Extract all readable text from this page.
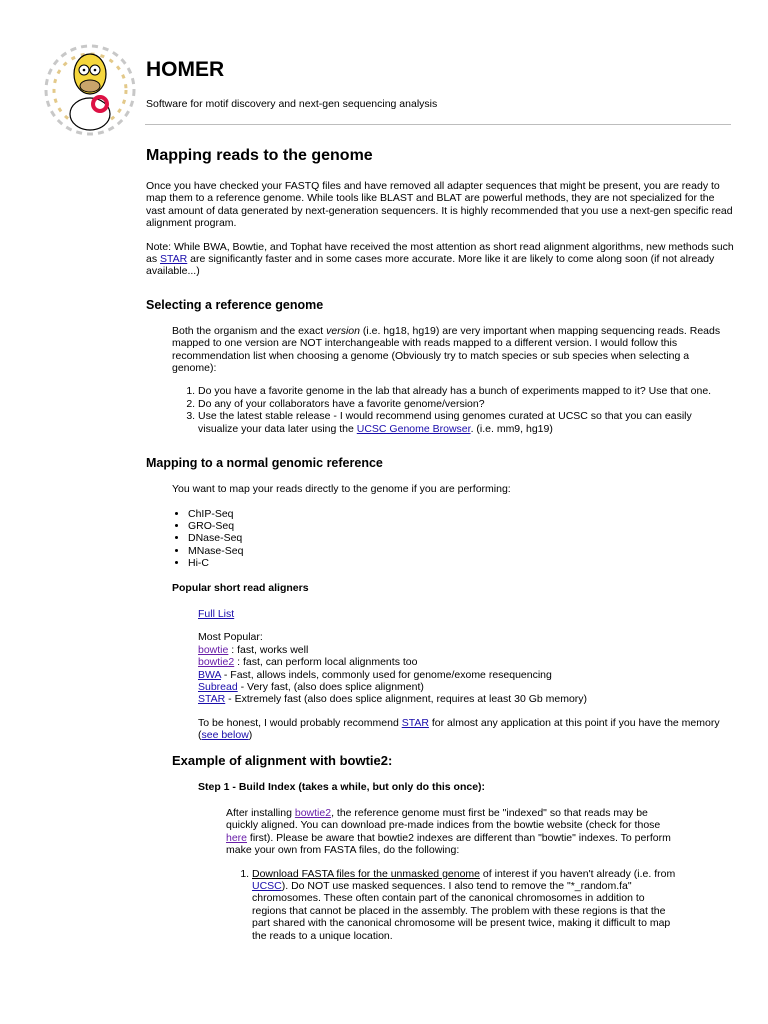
HOMER
Software for motif discovery and next-gen sequencing analysis
Mapping reads to the genome

Once you have checked your FASTQ files and have removed all adapter sequences that might be present, you are ready to map them to a reference genome. While tools like BLAST and BLAT are powerful methods, they are not specialized for the vast amount of data generated by next-generation sequencers. It is highly recommended that you use a next-gen specific read alignment program.

Note: While BWA, Bowtie, and Tophat have received the most attention as short read alignment algorithms, new methods such as STAR are significantly faster and in some cases more accurate. More like it are likely to come along soon (if not already available...)

Selecting a reference genome

Both the organism and the exact version (i.e. hg18, hg19) are very important when mapping sequencing reads. Reads mapped to one version are NOT interchangeable with reads mapped to a different version. I would follow this recommendation list when choosing a genome (Obviously try to match species or sub species when selecting a genome):

1. Do you have a favorite genome in the lab that already has a bunch of experiments mapped to it? Use that one.
2. Do any of your collaborators have a favorite genome/version?
3. Use the latest stable release - I would recommend using genomes curated at UCSC so that you can easily visualize your data later using the UCSC Genome Browser. (i.e. mm9, hg19)
Mapping to a normal genomic reference

You want to map your reads directly to the genome if you are performing:

• ChIP-Seq
• GRO-Seq
• DNase-Seq
• MNase-Seq
• Hi-C
Popular short read aligners

Full List

Most Popular:
bowtie : fast, works well
bowtie2 : fast, can perform local alignments too
BWA - Fast, allows indels, commonly used for genome/exome resequencing
Subread - Very fast, (also does splice alignment)
STAR - Extremely fast (also does splice alignment, requires at least 30 Gb memory)

To be honest, I would probably recommend STAR for almost any application at this point if you have the memory (see below)

Example of alignment with bowtie2:
Step 1 - Build Index (takes a while, but only do this once):

After installing bowtie2, the reference genome must first be "indexed" so that reads may be quickly aligned. You can download pre-made indices from the bowtie website (check for those here first). Please be aware that bowtie2 indexes are different than "bowtie" indexes. To perform make your own from FASTA files, do the following:

1. Download FASTA files for the unmasked genome of interest if you haven't already (i.e. from UCSC). Do NOT use masked sequences. I also tend to remove the "*_random.fa" chromosomes. These often contain part of the canonical chromosomes in addition to regions that cannot be placed in the assembly. The problem with these regions is that the part shared with the canonical chromosome will be present twice, making it difficult to map the reads to a unique location.
